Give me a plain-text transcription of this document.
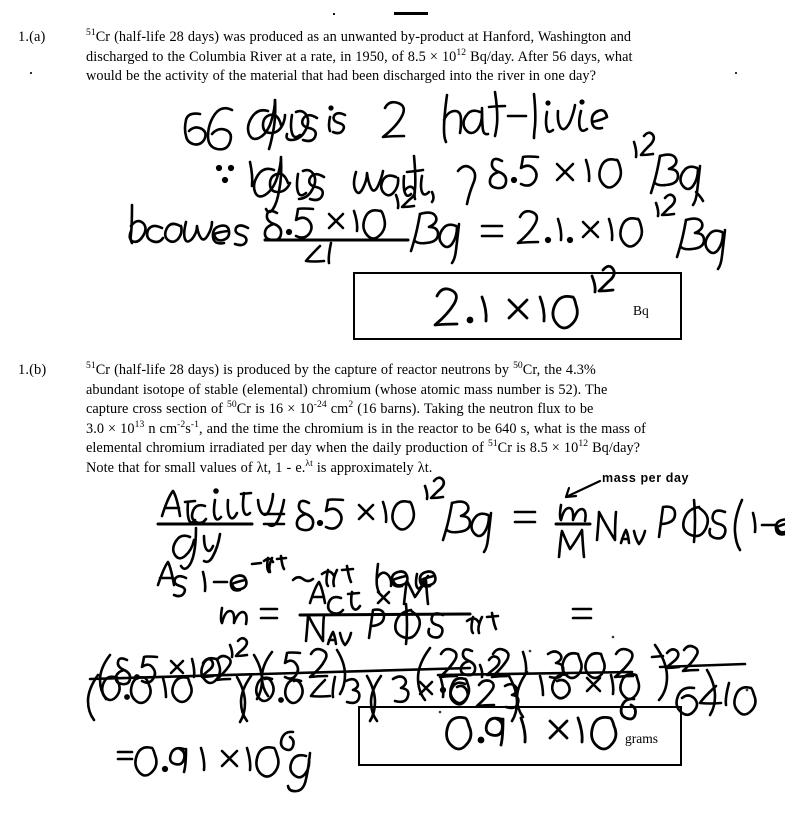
1.(a)	$^{51}$Cr (half-life 28 days) was produced as an unwanted by-product at Hanford, Washington and

discharged to the Columbia River at a rate, in 1950, of $8.5 \times 10^{12}$ Bq/day. After 56 days, what

would be the activity of the material that had been discharged into the river in one day?

1.(b)	$^{51}$Cr (half-life 28 days) is produced by the capture of reactor neutrons by $^{50}$Cr, the 4.3%

abundant isotope of stable (elemental) chromium (whose atomic mass number is 52). The

capture cross section of $^{50}$Cr is $16 \times 10^{-24}$ $cm^2$ (16 barns). Taking the neutron flux to be

$3.0 \times 10^{13}$ n $cm^{-2}s^{-1}$, and the time the chromium is in the reactor to be 640 s, what is the mass of

elemental chromium irradiated per day when the daily production of $^{51}$Cr is $8.5 \times 10^{12}$ Bq/day?

Note that for small values of λt, 1 - e.$^{\lambda t}$ is approximately λt.

Bq
grams
mass per day
